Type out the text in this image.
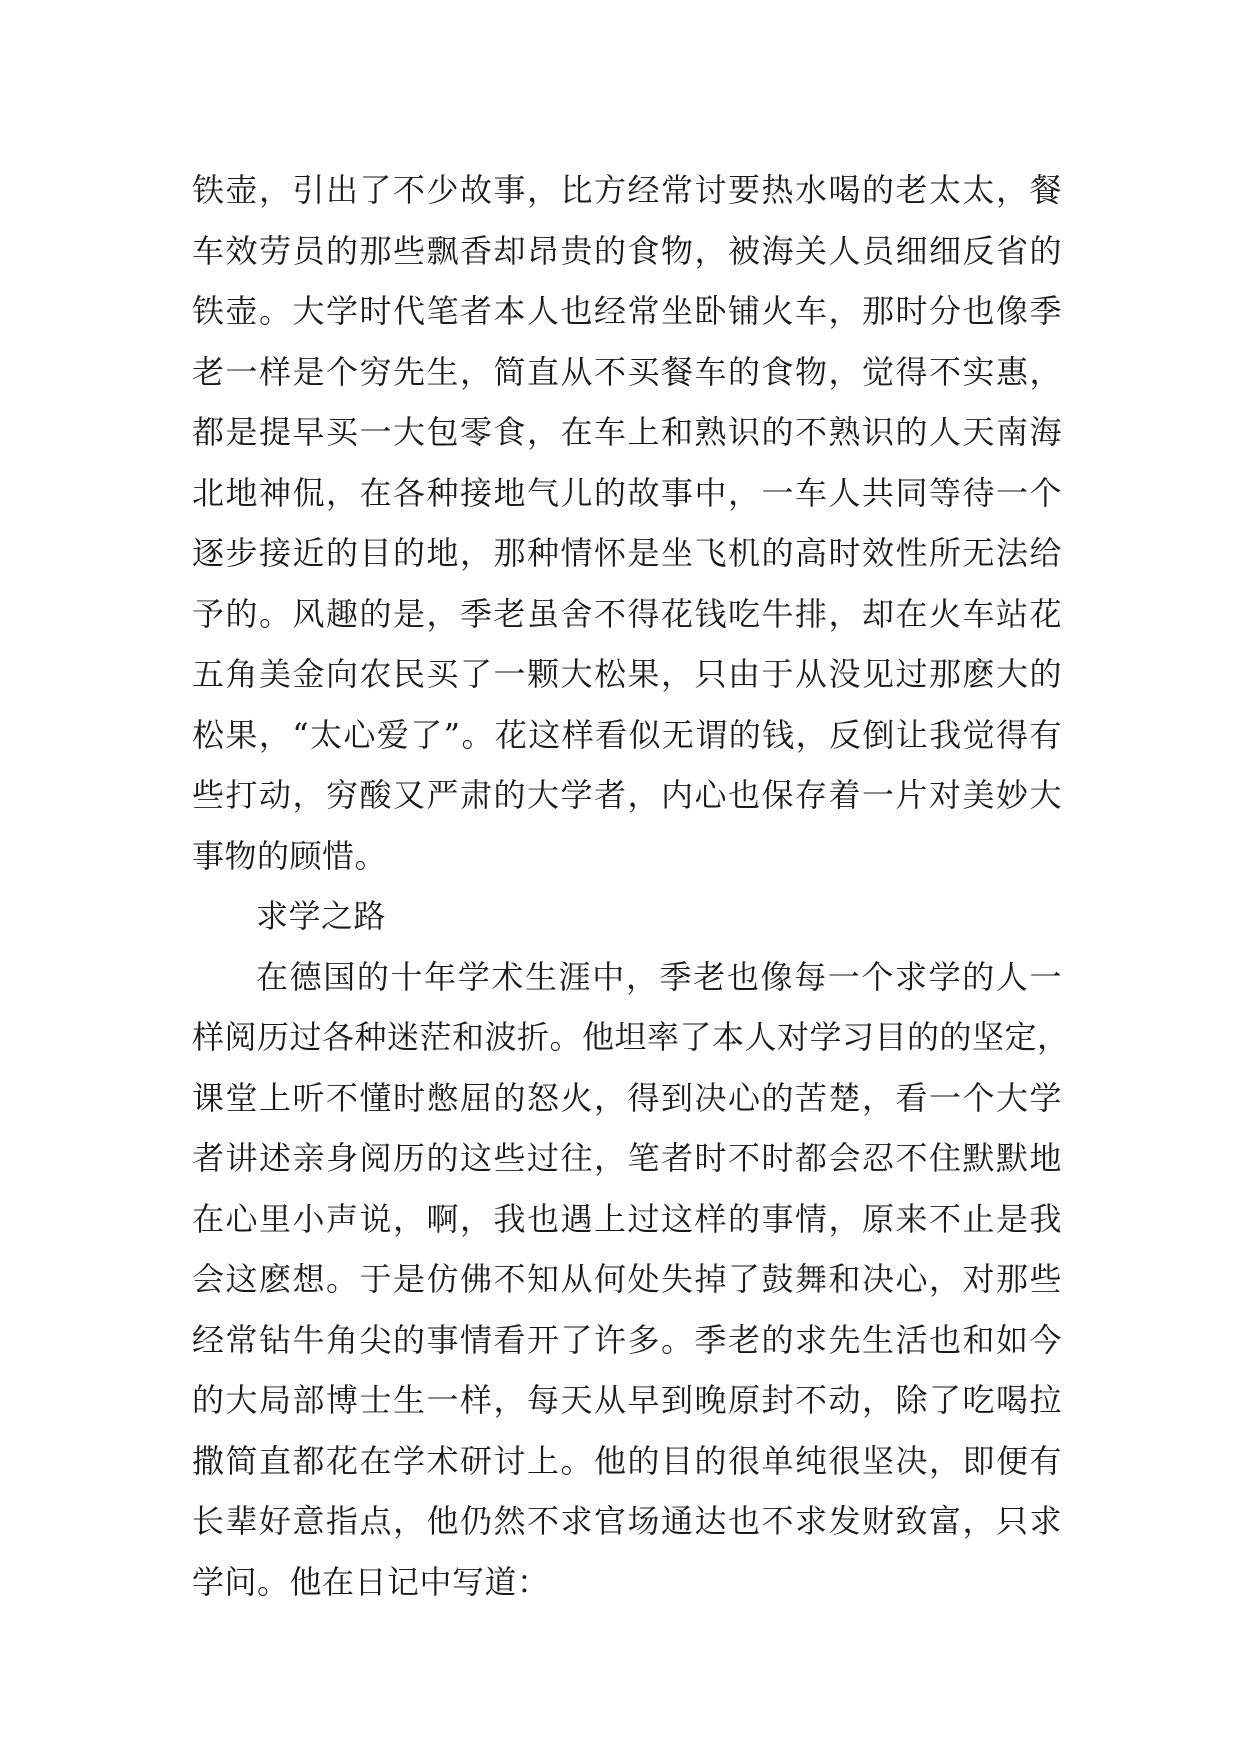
铁壶，引出了不少故事，比方经常讨要热水喝的老太太，餐
车效劳员的那些飘香却昂贵的食物，被海关人员细细反省的
铁壶。大学时代笔者本人也经常坐卧铺火车，那时分也像季
老一样是个穷先生，简直从不买餐车的食物，觉得不实惠，
都是提早买一大包零食，在车上和熟识的不熟识的人天南海
北地神侃，在各种接地气儿的故事中，一车人共同等待一个
逐步接近的目的地，那种情怀是坐飞机的高时效性所无法给
予的。风趣的是，季老虽舍不得花钱吃牛排，却在火车站花
五角美金向农民买了一颗大松果，只由于从没见过那麽大的
松果，“太心爱了”。花这样看似无谓的钱，反倒让我觉得有
些打动，穷酸又严肃的大学者，内心也保存着一片对美妙大
事物的顾惜。
求学之路
在德国的十年学术生涯中，季老也像每一个求学的人一
样阅历过各种迷茫和波折。他坦率了本人对学习目的的坚定，
课堂上听不懂时憋屈的怒火，得到决心的苦楚，看一个大学
者讲述亲身阅历的这些过往，笔者时不时都会忍不住默默地
在心里小声说，啊，我也遇上过这样的事情，原来不止是我
会这麽想。于是仿佛不知从何处失掉了鼓舞和决心，对那些
经常钻牛角尖的事情看开了许多。季老的求先生活也和如今
的大局部博士生一样，每天从早到晚原封不动，除了吃喝拉
撒简直都花在学术研讨上。他的目的很单纯很坚决，即便有
长辈好意指点，他仍然不求官场通达也不求发财致富，只求
学问。他在日记中写道：
